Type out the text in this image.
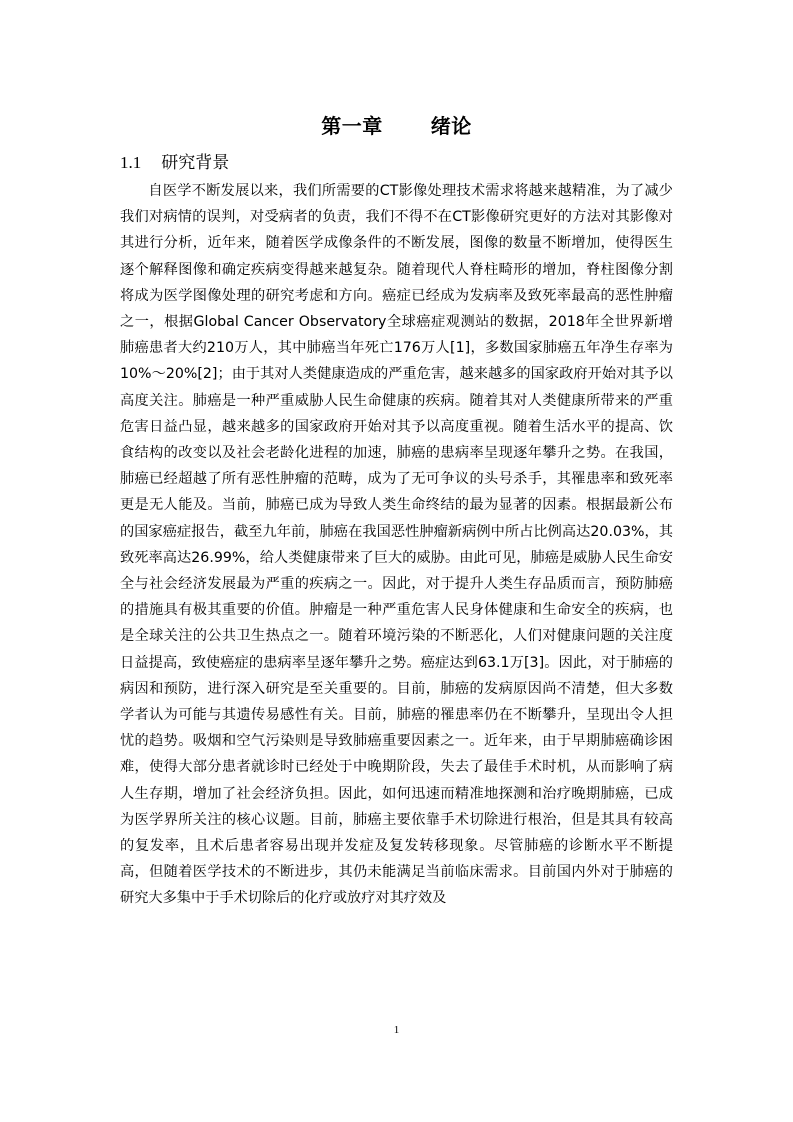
第一章 绪论
1.1 研究背景

自医学不断发展以来，我们所需要的CT影像处理技术需求将越来越精准，为了减少我们对病情的误判，对受病者的负责，我们不得不在CT影像研究更好的方法对其影像对其进行分析，近年来，随着医学成像条件的不断发展，图像的数量不断增加，使得医生逐个解释图像和确定疾病变得越来越复杂。随着现代人脊柱畸形的增加，脊柱图像分割将成为医学图像处理的研究考虑和方向。癌症已经成为发病率及致死率最高的恶性肿瘤之一，根据Global Cancer Observatory全球癌症观测站的数据，2018年全世界新增肺癌患者大约210万人，其中肺癌当年死亡176万人[1]，多数国家肺癌五年净生存率为10%～20%[2]；由于其对人类健康造成的严重危害，越来越多的国家政府开始对其予以高度关注。肺癌是一种严重威胁人民生命健康的疾病。随着其对人类健康所带来的严重危害日益凸显，越来越多的国家政府开始对其予以高度重视。随着生活水平的提高、饮食结构的改变以及社会老龄化进程的加速，肺癌的患病率呈现逐年攀升之势。在我国，肺癌已经超越了所有恶性肿瘤的范畴，成为了无可争议的头号杀手，其罹患率和致死率更是无人能及。当前，肺癌已成为导致人类生命终结的最为显著的因素。根据最新公布的国家癌症报告，截至九年前，肺癌在我国恶性肿瘤新病例中所占比例高达20.03%，其致死率高达26.99%，给人类健康带来了巨大的威胁。由此可见，肺癌是威胁人民生命安全与社会经济发展最为严重的疾病之一。因此，对于提升人类生存品质而言，预防肺癌的措施具有极其重要的价值。肿瘤是一种严重危害人民身体健康和生命安全的疾病，也是全球关注的公共卫生热点之一。随着环境污染的不断恶化，人们对健康问题的关注度日益提高，致使癌症的患病率呈逐年攀升之势。癌症达到63.1万[3]。因此，对于肺癌的病因和预防，进行深入研究是至关重要的。目前，肺癌的发病原因尚不清楚，但大多数学者认为可能与其遗传易感性有关。目前，肺癌的罹患率仍在不断攀升，呈现出令人担忧的趋势。吸烟和空气污染则是导致肺癌重要因素之一。近年来，由于早期肺癌确诊困难，使得大部分患者就诊时已经处于中晚期阶段，失去了最佳手术时机，从而影响了病人生存期，增加了社会经济负担。因此，如何迅速而精准地探测和治疗晚期肺癌，已成为医学界所关注的核心议题。目前，肺癌主要依靠手术切除进行根治，但是其具有较高的复发率，且术后患者容易出现并发症及复发转移现象。尽管肺癌的诊断水平不断提高，但随着医学技术的不断进步，其仍未能满足当前临床需求。目前国内外对于肺癌的研究大多集中于手术切除后的化疗或放疗对其疗效及

1
